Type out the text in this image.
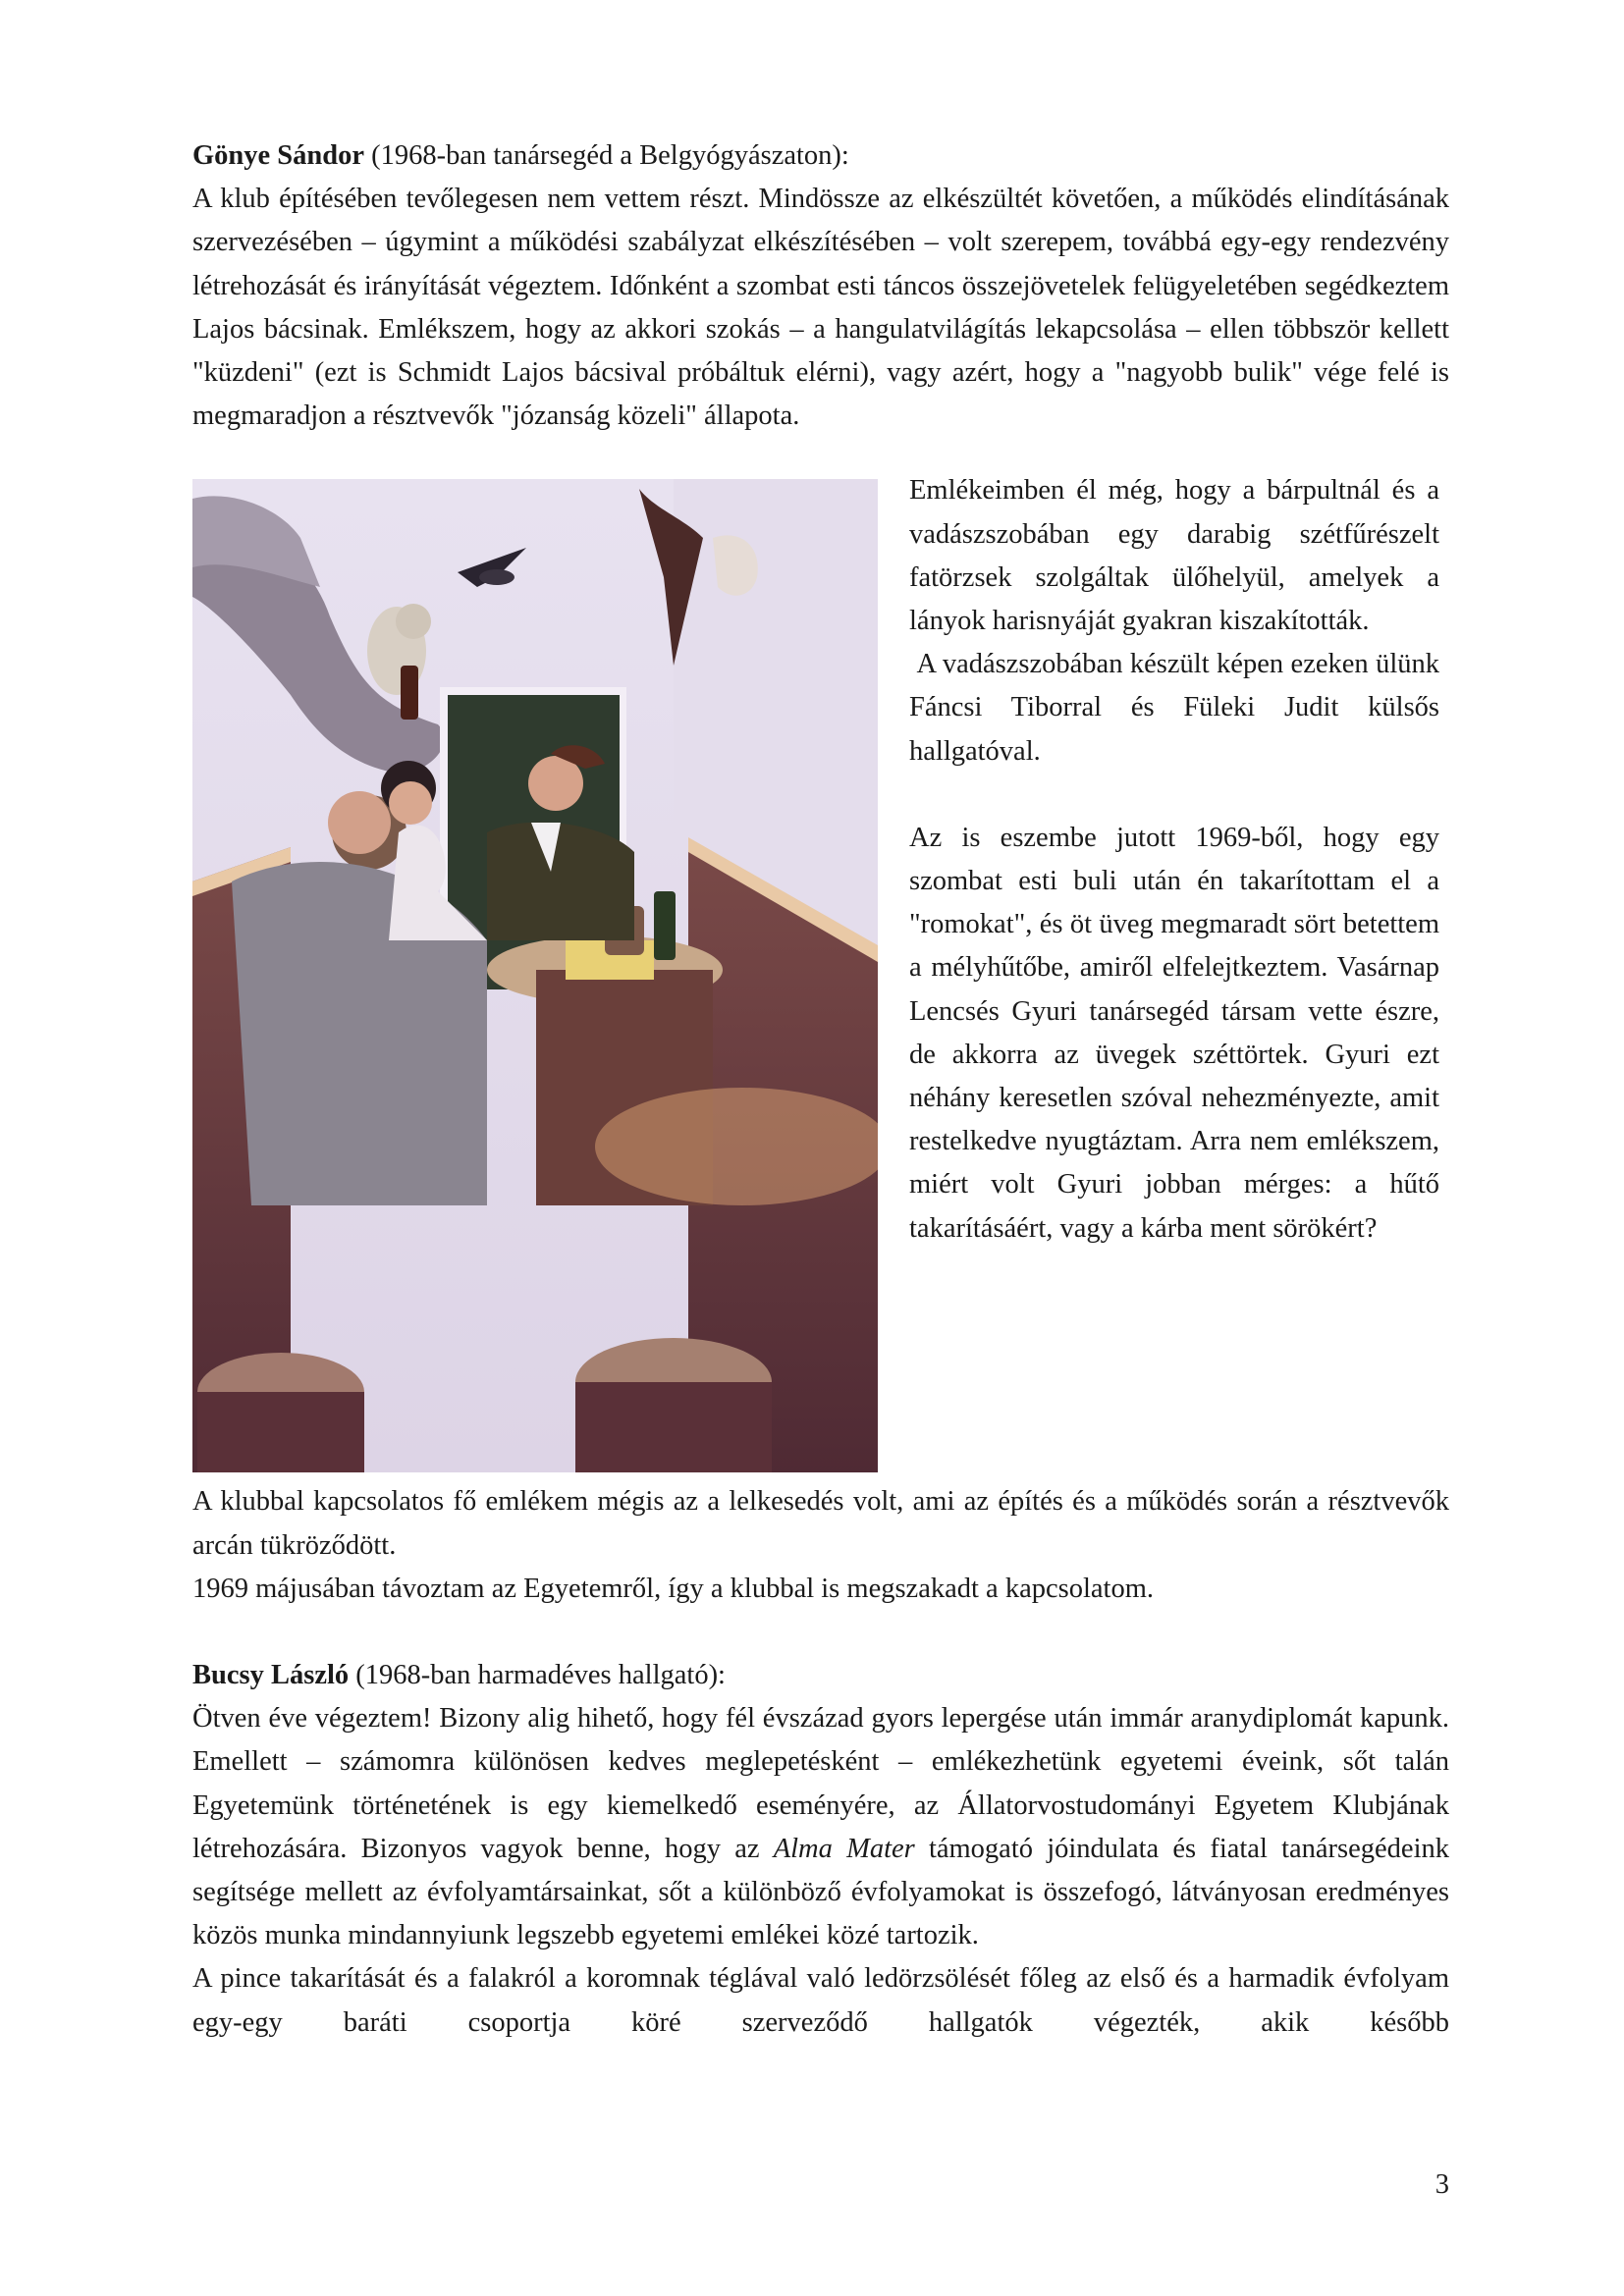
Gönye Sándor (1968-ban tanársegéd a Belgyógyászaton):

A klub építésében tevőlegesen nem vettem részt. Mindössze az elkészültét követően, a működés elindításának szervezésében – úgymint a működési szabályzat elkészítésében – volt szerepem, továbbá egy-egy rendezvény létrehozását és irányítását végeztem. Időnként a szombat esti táncos összejövetelek felügyeletében segédkeztem Lajos bácsinak. Emlékszem, hogy az akkori szokás – a hangulatvilágítás lekapcsolása – ellen többször kellett "küzdeni" (ezt is Schmidt Lajos bácsival próbáltuk elérni), vagy azért, hogy a "nagyobb bulik" vége felé is megmaradjon a résztvevők "józanság közeli" állapota.

Emlékeimben él még, hogy a bárpultnál és a vadászszobában egy darabig szétfűrészelt fatörzsek szolgáltak ülőhelyül, amelyek a lányok harisnyáját gyakran kiszakították.

A vadászszobában készült képen ezeken ülünk Fáncsi Tiborral és Füleki Judit külsős hallgatóval.

Az is eszembe jutott 1969-ből, hogy egy szombat esti buli után én takarítottam el a "romokat", és öt üveg megmaradt sört betettem a mélyhűtőbe, amiről elfelejtkeztem. Vasárnap Lencsés Gyuri tanársegéd társam vette észre, de akkorra az üvegek széttörtek. Gyuri ezt néhány keresetlen szóval nehezményezte, amit restelkedve nyugtáztam. Arra nem emlékszem, miért volt Gyuri jobban mérges: a hűtő takarításáért, vagy a kárba ment sörökért?

A klubbal kapcsolatos fő emlékem mégis az a lelkesedés volt, ami az építés és a működés során a résztvevők arcán tükröződött.

1969 májusában távoztam az Egyetemről, így a klubbal is megszakadt a kapcsolatom.

Bucsy László (1968-ban harmadéves hallgató):

Ötven éve végeztem! Bizony alig hihető, hogy fél évszázad gyors lepergése után immár aranydiplomát kapunk. Emellett – számomra különösen kedves meglepetésként – emlékezhetünk egyetemi éveink, sőt talán Egyetemünk történetének is egy kiemelkedő eseményére, az Állatorvostudományi Egyetem Klubjának létrehozására. Bizonyos vagyok benne, hogy az Alma Mater támogató jóindulata és fiatal tanársegédeink segítsége mellett az évfolyamtársainkat, sőt a különböző évfolyamokat is összefogó, látványosan eredményes közös munka mindannyiunk legszebb egyetemi emlékei közé tartozik.

A pince takarítását és a falakról a koromnak téglával való ledörzsölését főleg az első és a harmadik évfolyam egy-egy baráti csoportja köré szerveződő hallgatók végezték, akik később

3
